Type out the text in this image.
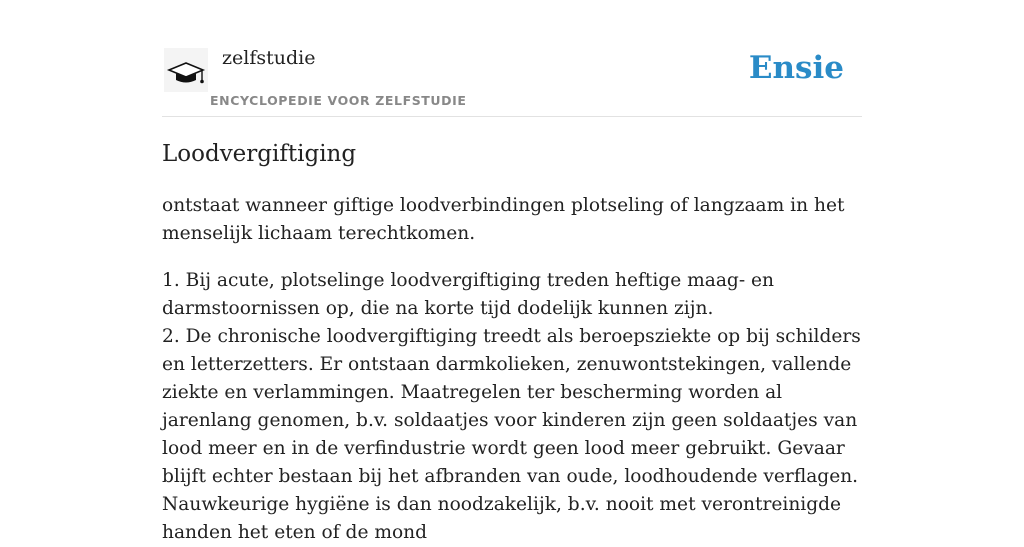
zelfstudie
ENCYCLOPEDIE VOOR ZELFSTUDIE
Ensie
Loodvergiftiging

ontstaat wanneer giftige loodverbindingen plotseling of langzaam in het menselijk lichaam terechtkomen.

1. Bij acute, plotselinge loodvergiftiging treden heftige maag- en darmstoornissen op, die na korte tijd dodelijk kunnen zijn.
2. De chronische loodvergiftiging treedt als beroepsziekte op bij schilders en letterzetters. Er ontstaan darmkolieken, zenuwontstekingen, vallende ziekte en verlammingen. Maatregelen ter bescherming worden al jarenlang genomen, b.v. soldaatjes voor kinderen zijn geen soldaatjes van lood meer en in de verfindustrie wordt geen lood meer gebruikt. Gevaar blijft echter bestaan bij het afbranden van oude, loodhoudende verflagen. Nauwkeurige hygiëne is dan noodzakelijk, b.v. nooit met verontreinigde handen het eten of de mond
